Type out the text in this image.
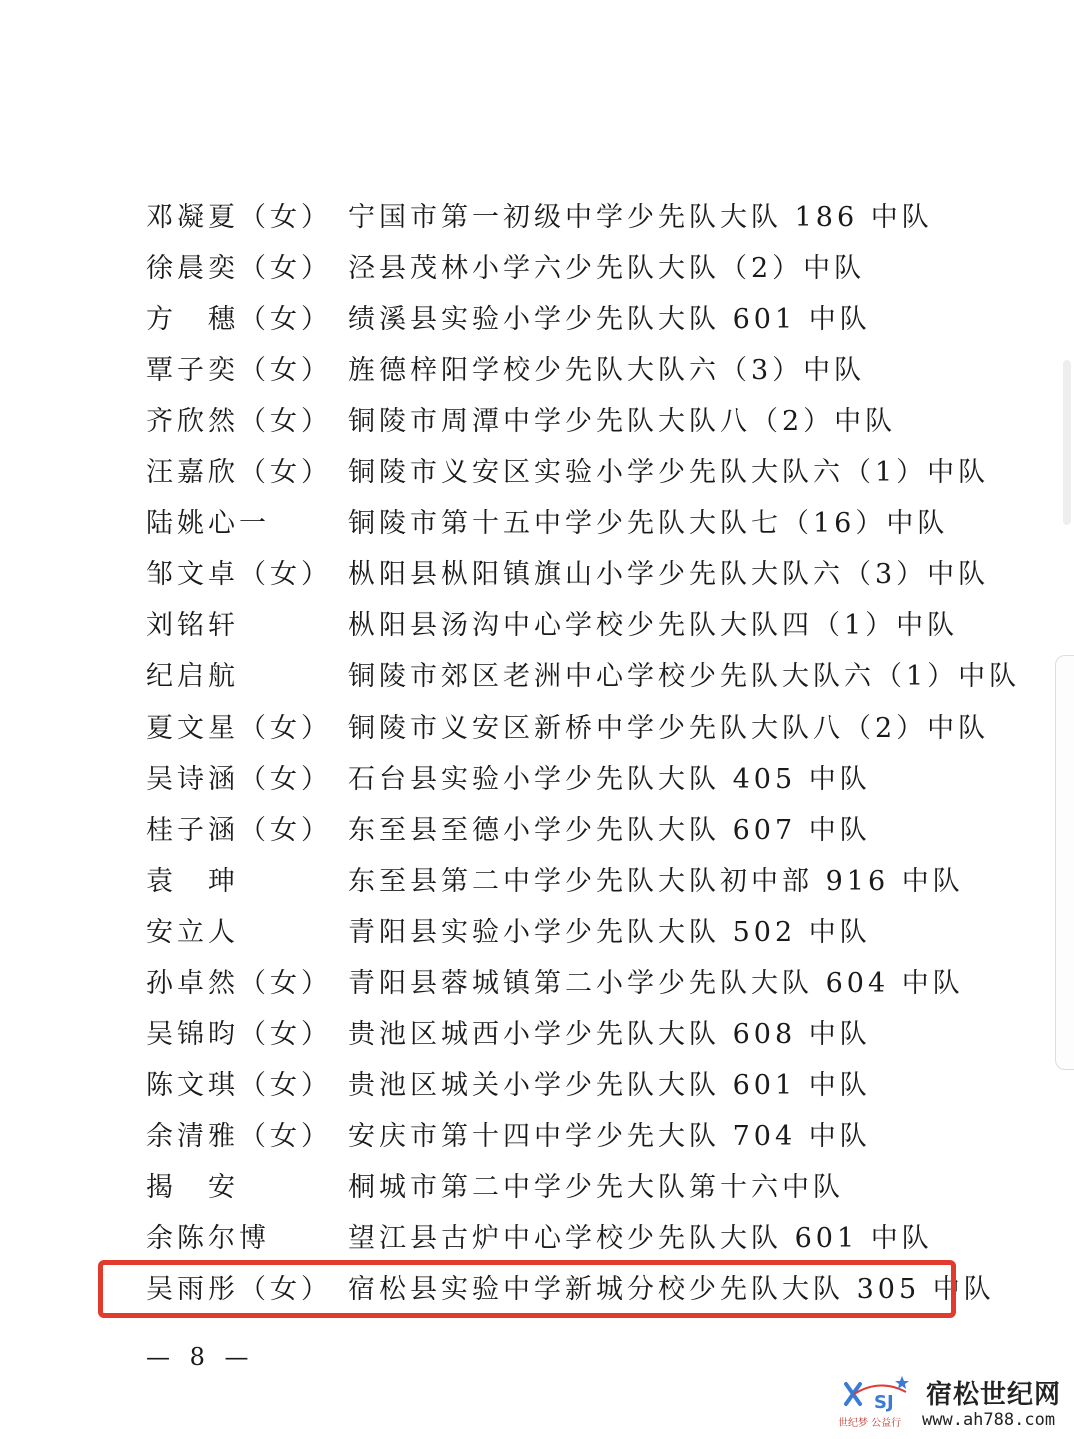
邓凝夏（女） 宁国市第一初级中学少先队大队 186 中队
徐晨奕（女） 泾县茂林小学六少先队大队（2）中队
方　穗（女） 绩溪县实验小学少先队大队 601 中队
覃子奕（女） 旌德梓阳学校少先队大队六（3）中队
齐欣然（女） 铜陵市周潭中学少先队大队八（2）中队
汪嘉欣（女） 铜陵市义安区实验小学少先队大队六（1）中队
陆姚心一	铜陵市第十五中学少先队大队七（16）中队
邹文卓（女） 枞阳县枞阳镇旗山小学少先队大队六（3）中队
刘铭轩	枞阳县汤沟中心学校少先队大队四（1）中队
纪启航	铜陵市郊区老洲中心学校少先队大队六（1）中队
夏文星（女） 铜陵市义安区新桥中学少先队大队八（2）中队
吴诗涵（女） 石台县实验小学少先队大队 405 中队
桂子涵（女） 东至县至德小学少先队大队 607 中队
袁　珅	东至县第二中学少先队大队初中部 916 中队
安立人	青阳县实验小学少先队大队 502 中队
孙卓然（女） 青阳县蓉城镇第二小学少先队大队 604 中队
吴锦昀（女） 贵池区城西小学少先队大队 608 中队
陈文琪（女） 贵池区城关小学少先队大队 601 中队
余清雅（女） 安庆市第十四中学少先大队 704 中队
揭　安	桐城市第二中学少先大队第十六中队
余陈尔博	望江县古炉中心学校少先队大队 601 中队
吴雨彤（女） 宿松县实验中学新城分校少先队大队 305 中队
— 8 —
SJ
世纪梦 公益行
宿松世纪网
www.ah788.com
